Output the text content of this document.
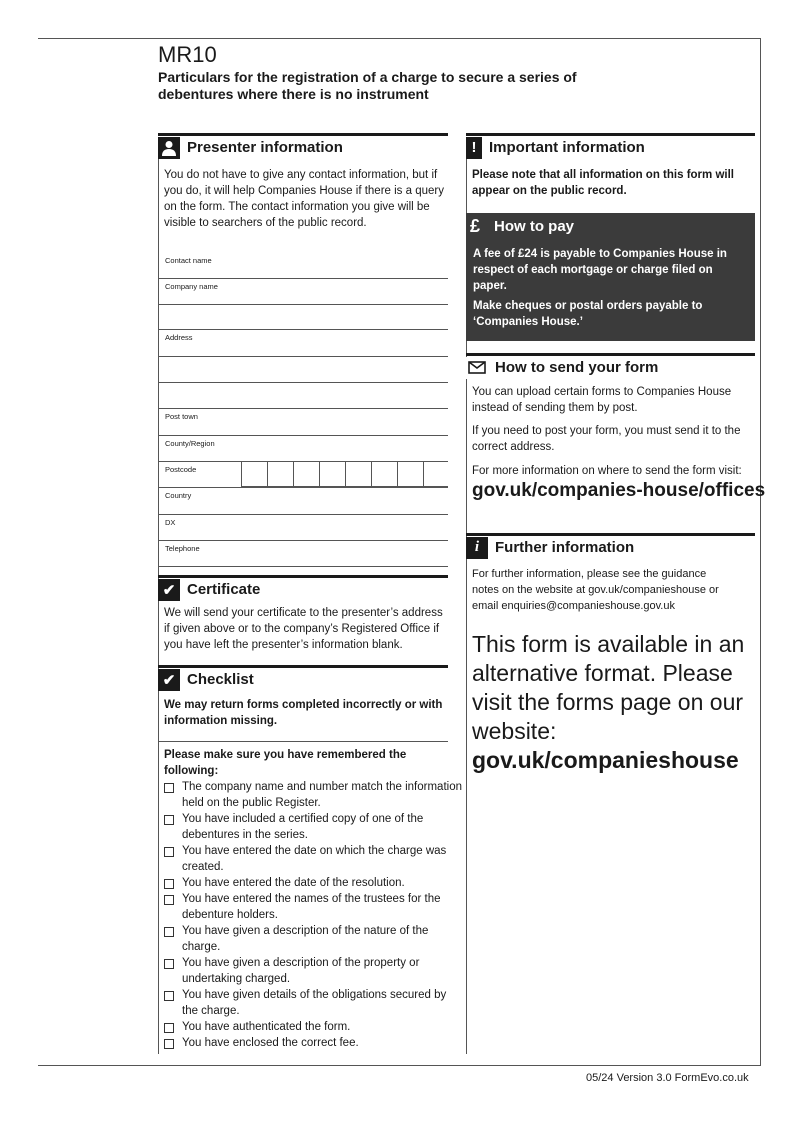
MR10
Particulars for the registration of a charge to secure a series of debentures where there is no instrument
Presenter information
You do not have to give any contact information, but if you do, it will help Companies House if there is a query on the form. The contact information you give will be visible to searchers of the public record.
Contact name
Company name
Address
Post town
County/Region
Postcode
Country
DX
Telephone
✔ Certificate
We will send your certificate to the presenter’s address if given above or to the company’s Registered Office if you have left the presenter’s information blank.
✔ Checklist
We may return forms completed incorrectly or with information missing.
Please make sure you have remembered the following:
The company name and number match the information held on the public Register.
You have included a certified copy of one of the debentures in the series.
You have entered the date on which the charge was created.
You have entered the date of the resolution.
You have entered the names of the trustees for the debenture holders.
You have given a description of the nature of the charge.
You have given a description of the property or undertaking charged.
You have given details of the obligations secured by the charge.
You have authenticated the form.
You have enclosed the correct fee.
! Important information
Please note that all information on this form will appear on the public record.
£ How to pay
A fee of £24 is payable to Companies House in respect of each mortgage or charge filed on paper.
Make cheques or postal orders payable to ‘Companies House.’
How to send your form
You can upload certain forms to Companies House instead of sending them by post.
If you need to post your form, you must send it to the correct address.
For more information on where to send the form visit:
gov.uk/companies-house/offices
i	Further information
For further information, please see the guidance notes on the website at gov.uk/companieshouse or email enquiries@companieshouse.gov.uk
This form is available in an alternative format. Please visit the forms page on our website:
gov.uk/companieshouse
05/24 Version 3.0 FormEvo.co.uk
